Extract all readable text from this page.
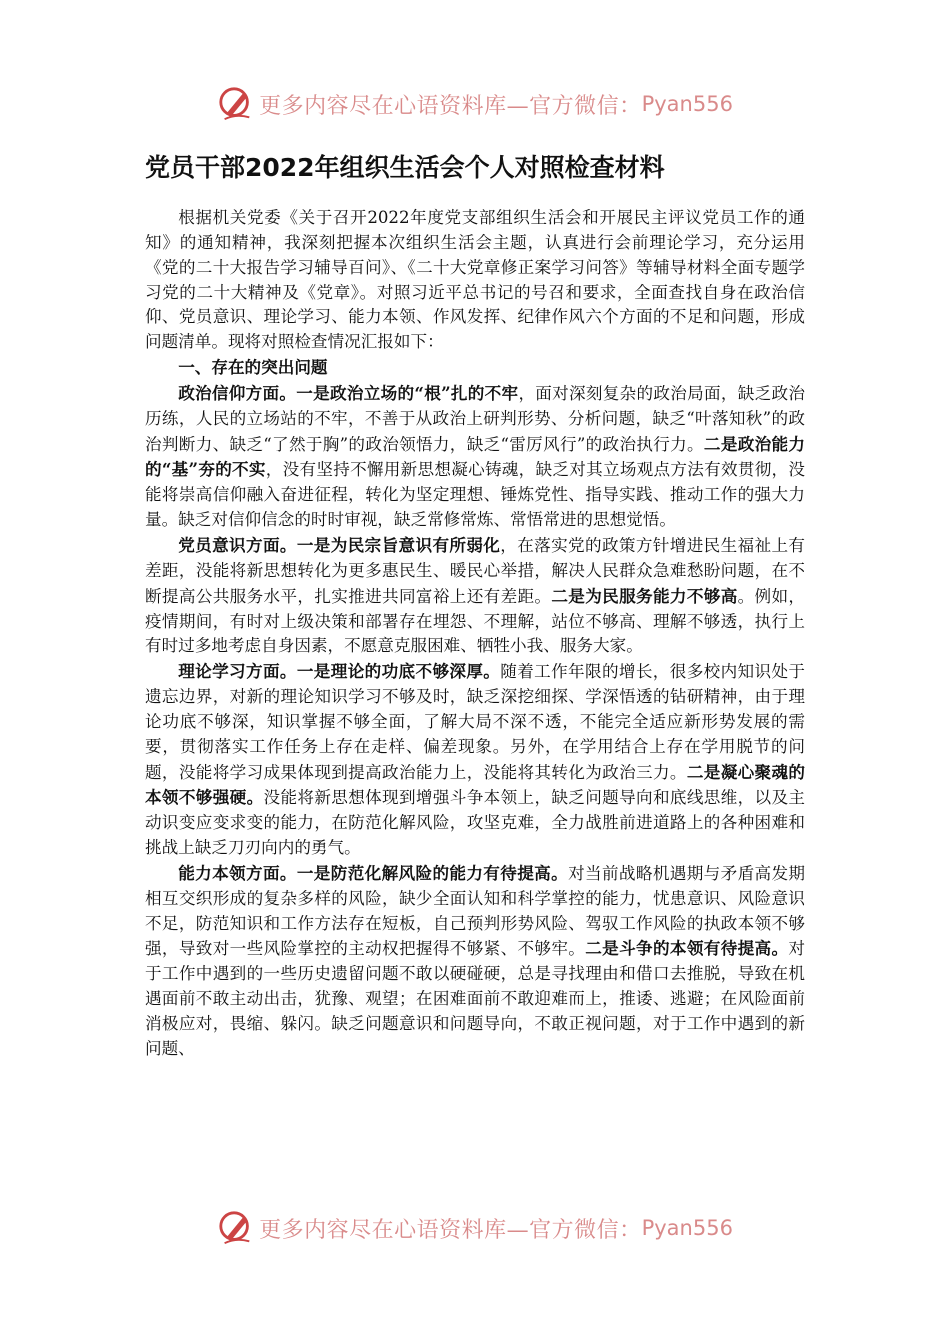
更多内容尽在心语资料库—官方微信： Pyan556
党员干部2022年组织生活会个人对照检查材料

根据机关党委《关于召开2022年度党支部组织生活会和开展民主评议党员工作的通知》的通知精神，我深刻把握本次组织生活会主题，认真进行会前理论学习，充分运用《党的二十大报告学习辅导百问》、《二十大党章修正案学习问答》等辅导材料全面专题学习党的二十大精神及《党章》。对照习近平总书记的号召和要求，全面查找自身在政治信仰、党员意识、理论学习、能力本领、作风发挥、纪律作风六个方面的不足和问题，形成问题清单。现将对照检查情况汇报如下：

一、存在的突出问题

政治信仰方面。一是政治立场的“根”扎的不牢，面对深刻复杂的政治局面，缺乏政治历练，人民的立场站的不牢，不善于从政治上研判形势、分析问题，缺乏“叶落知秋”的政治判断力、缺乏“了然于胸”的政治领悟力，缺乏“雷厉风行”的政治执行力。二是政治能力的“基”夯的不实，没有坚持不懈用新思想凝心铸魂，缺乏对其立场观点方法有效贯彻，没能将崇高信仰融入奋进征程，转化为坚定理想、锤炼党性、指导实践、推动工作的强大力量。缺乏对信仰信念的时时审视，缺乏常修常炼、常悟常进的思想觉悟。

党员意识方面。一是为民宗旨意识有所弱化，在落实党的政策方针增进民生福祉上有差距，没能将新思想转化为更多惠民生、暖民心举措，解决人民群众急难愁盼问题，在不断提高公共服务水平，扎实推进共同富裕上还有差距。二是为民服务能力不够高。例如，疫情期间，有时对上级决策和部署存在埋怨、不理解，站位不够高、理解不够透，执行上有时过多地考虑自身因素，不愿意克服困难、牺牲小我、服务大家。

理论学习方面。一是理论的功底不够深厚。随着工作年限的增长，很多校内知识处于遗忘边界，对新的理论知识学习不够及时，缺乏深挖细探、学深悟透的钻研精神，由于理论功底不够深，知识掌握不够全面，了解大局不深不透，不能完全适应新形势发展的需要，贯彻落实工作任务上存在走样、偏差现象。另外，在学用结合上存在学用脱节的问题，没能将学习成果体现到提高政治能力上，没能将其转化为政治三力。二是凝心聚魂的本领不够强硬。没能将新思想体现到增强斗争本领上，缺乏问题导向和底线思维，以及主动识变应变求变的能力，在防范化解风险，攻坚克难，全力战胜前进道路上的各种困难和挑战上缺乏刀刃向内的勇气。

能力本领方面。一是防范化解风险的能力有待提高。对当前战略机遇期与矛盾高发期相互交织形成的复杂多样的风险，缺少全面认知和科学掌控的能力，忧患意识、风险意识不足，防范知识和工作方法存在短板，自己预判形势风险、驾驭工作风险的执政本领不够强，导致对一些风险掌控的主动权把握得不够紧、不够牢。二是斗争的本领有待提高。对于工作中遇到的一些历史遗留问题不敢以硬碰硬，总是寻找理由和借口去推脱，导致在机遇面前不敢主动出击，犹豫、观望；在困难面前不敢迎难而上，推诿、逃避；在风险面前消极应对，畏缩、躲闪。缺乏问题意识和问题导向，不敢正视问题，对于工作中遇到的新问题、

更多内容尽在心语资料库—官方微信： Pyan556
